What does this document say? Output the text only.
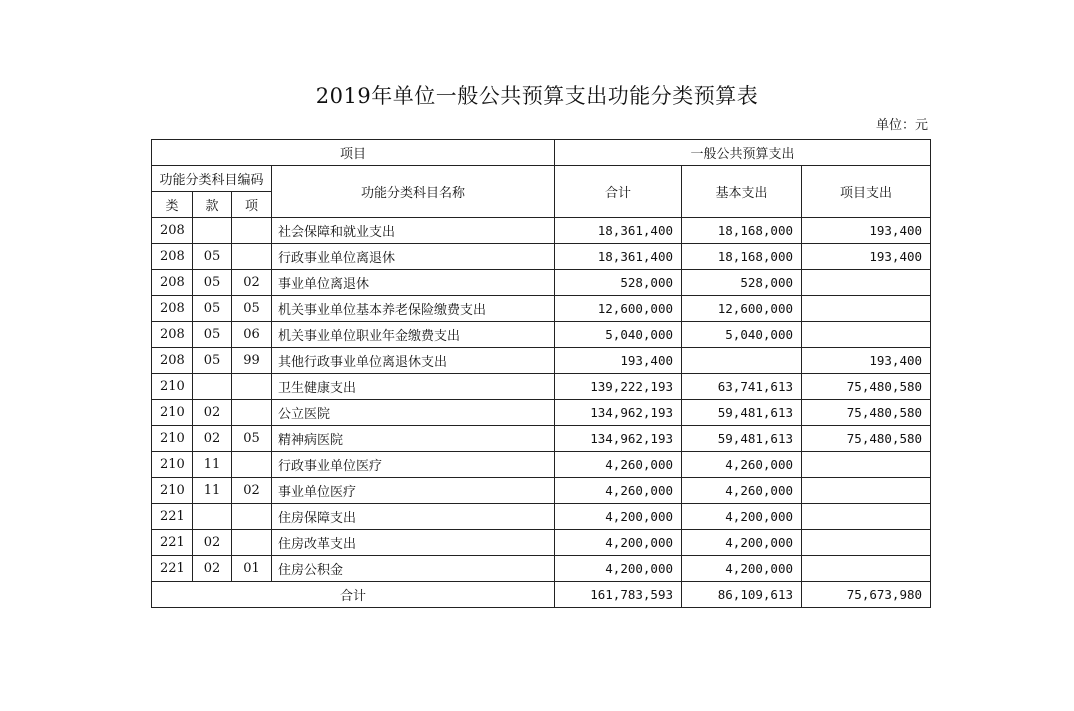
2019年单位一般公共预算支出功能分类预算表
单位：元
项目				一般公共预算支出		
功能分类科目编码			功能分类科目名称	合计	基本支出	项目支出
类	款	项				
208			社会保障和就业支出	18,361,400	18,168,000	193,400
208	05		行政事业单位离退休	18,361,400	18,168,000	193,400
208	05	02	事业单位离退休	528,000	528,000	
208	05	05	机关事业单位基本养老保险缴费支出	12,600,000	12,600,000	
208	05	06	机关事业单位职业年金缴费支出	5,040,000	5,040,000	
208	05	99	其他行政事业单位离退休支出	193,400		193,400
210			卫生健康支出	139,222,193	63,741,613	75,480,580
210	02		公立医院	134,962,193	59,481,613	75,480,580
210	02	05	精神病医院	134,962,193	59,481,613	75,480,580
210	11		行政事业单位医疗	4,260,000	4,260,000	
210	11	02	事业单位医疗	4,260,000	4,260,000	
221			住房保障支出	4,200,000	4,200,000	
221	02		住房改革支出	4,200,000	4,200,000	
221	02	01	住房公积金	4,200,000	4,200,000	
合计				161,783,593	86,109,613	75,673,980
